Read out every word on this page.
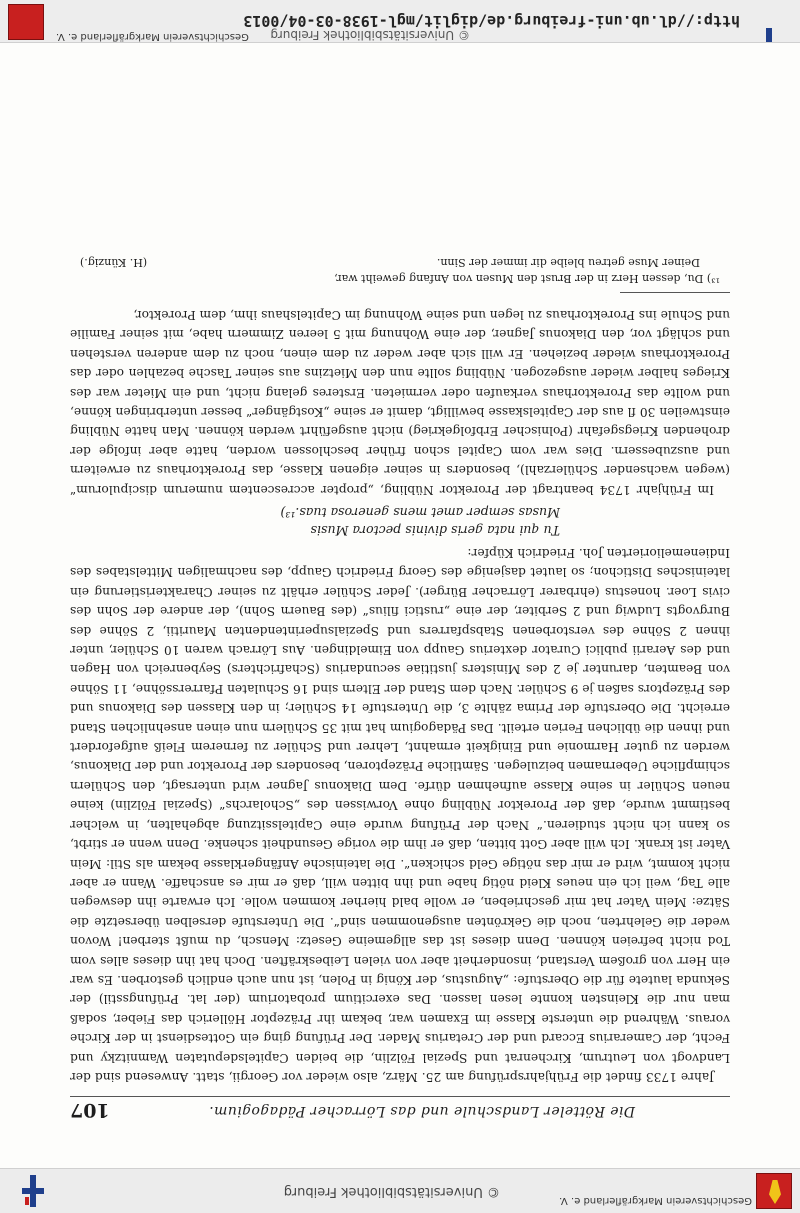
Geschichtsverein Markgräflerland e. V.
© Universitätsbibliothek Freiburg
Die Rötteler Landschule und das Lörracher Pädagogium.
107

Jahre 1733 findet die Frühjahrsprüfung am 25. März, also wieder vor Georgii, statt. Anwesend sind der Landvogt von Leutrum, Kirchenrat und Spezial Fölzlin, die beiden Capitelsdeputaten Wamnitzky und Fecht, der Camerarius Eccard und der Cretarius Mader. Der Prüfung ging ein Gottesdienst in der Kirche voraus. Während die unterste Klasse im Examen war, bekam ihr Präzeptor Höllerich das Fieber, sodaß man nur die Kleinsten konnte lesen lassen. Das exercitium probatorium (der lat. Prüfungsstil) der Sekunda lautete für die Oberstufe: „Augustus, der König in Polen, ist nun auch endlich gestorben. Es war ein Herr von großem Verstand, insonderheit aber von vielen Leibeskräften. Doch hat ihn dieses alles vom Tod nicht befreien können. Denn dieses ist das allgemeine Gesetz: Mensch, du mußt sterben! Wovon weder die Gelehrten, noch die Gekrönten ausgenommen sind“. Die Unterstufe derselben übersetzte die Sätze: Mein Vater hat mir geschrieben, er wolle bald hierher kommen wolle. Ich erwarte ihn deswegen alle Tag, weil ich ein neues Kleid nötig habe und ihn bitten will, daß er mir es anschaffe. Wann er aber nicht kommt, wird er mir das nötige Geld schicken“. Die lateinische Anfängerklasse bekam als Stil: Mein Vater ist krank. Ich will aber Gott bitten, daß er ihm die vorige Gesundheit schenke. Denn wenn er stirbt, so kann ich nicht studieren.“ Nach der Prüfung wurde eine Capitelssitzung abgehalten, in welcher bestimmt wurde, daß der Prorektor Nübling ohne Vorwissen des „Scholarchs“ (Spezial Fölzlin) keine neuen Schüler in seine Klasse aufnehmen dürfe. Dem Diakonus Jagner wird untersagt, den Schülern schimpfliche Uebernamen beizulegen. Sämtliche Präzeptoren, besonders der Prorektor und der Diakonus, werden zu guter Harmonie und Einigkeit ermahnt, Lehrer und Schüler zu fernerem Fleiß aufgefordert und ihnen die üblichen Ferien erteilt. Das Pädagogium hat mit 35 Schülern nun einen ansehnlichen Stand erreicht. Die Oberstufe der Prima zählte 3, die Unterstufe 14 Schüler; in den Klassen des Diakonus und des Präzeptors saßen je 9 Schüler. Nach dem Stand der Eltern sind 16 Schulaten Pfarrerssöhne, 11 Söhne von Beamten, darunter je 2 des Ministers justitiae secundarius (Schafrichters) Seybenreich von Hagen und des Aerarii publici Curator dexterius Gaupp von Eimeldingen. Aus Lörrach waren 10 Schüler, unter ihnen 2 Söhne des verstorbenen Stabspfarrers und Spezialsuperintendenten Mauritii, 2 Söhne des Burgvogts Ludwig und 2 Serbiter, der eine „rustici filius“ (des Bauern Sohn), der andere der Sohn des civis Loer. honestus (ehrbarer Lörracher Bürger). Jeder Schüler erhält zu seiner Charakteristierung ein lateinisches Distichon; so lautet dasjenige des Georg Friedrich Gaupp, des nachmaligen Mittelstabes des Indienemeliorierten Joh. Friedrich Küpfer:

Tu qui nata geris divinis pectora Musis
Musas semper amet mens generosa tuas.¹³)

Im Frühjahr 1734 beantragt der Prorektor Nübling, „propter accrescentem numerum discipulorum“ (wegen wachsender Schülerzahl), besonders in seiner eigenen Klasse, das Prorektorhaus zu erweitern und auszubessern. Dies war vom Capitel schon früher beschlossen worden, hatte aber infolge der drohenden Kriegsgefahr (Polnischer Erbfolgekrieg) nicht ausgeführt werden können. Man hatte Nübling einstweilen 30 fl aus der Capitelskasse bewilligt, damit er seine „Kostgänger“ besser unterbringen könne, und wollte das Prorektorhaus verkaufen oder vermieten. Ersteres gelang nicht, und ein Mieter war des Krieges halber wieder ausgezogen. Nübling sollte nun den Mietzins aus seiner Tasche bezahlen oder das Prorektorhaus wieder beziehen. Er will sich aber weder zu dem einen, noch zu dem anderen verstehen und schlägt vor, den Diakonus Jagner, der eine Wohnung mit 5 leeren Zimmern habe, mit seiner Familie und Schule ins Prorektorhaus zu legen und seine Wohnung im Capitelshaus ihm, dem Prorektor,

¹³) Du, dessen Herz in der Brust den Musen von Anfang geweiht war,

Deiner Muse getreu bleibe dir immer der Sinn.
(H. Künzig.)
© Universitätsbibliothek Freiburg
http://dl.ub.uni-freiburg.de/diglit/mgl-1938-03-04/0013
Geschichtsverein Markgräflerland e. V.
